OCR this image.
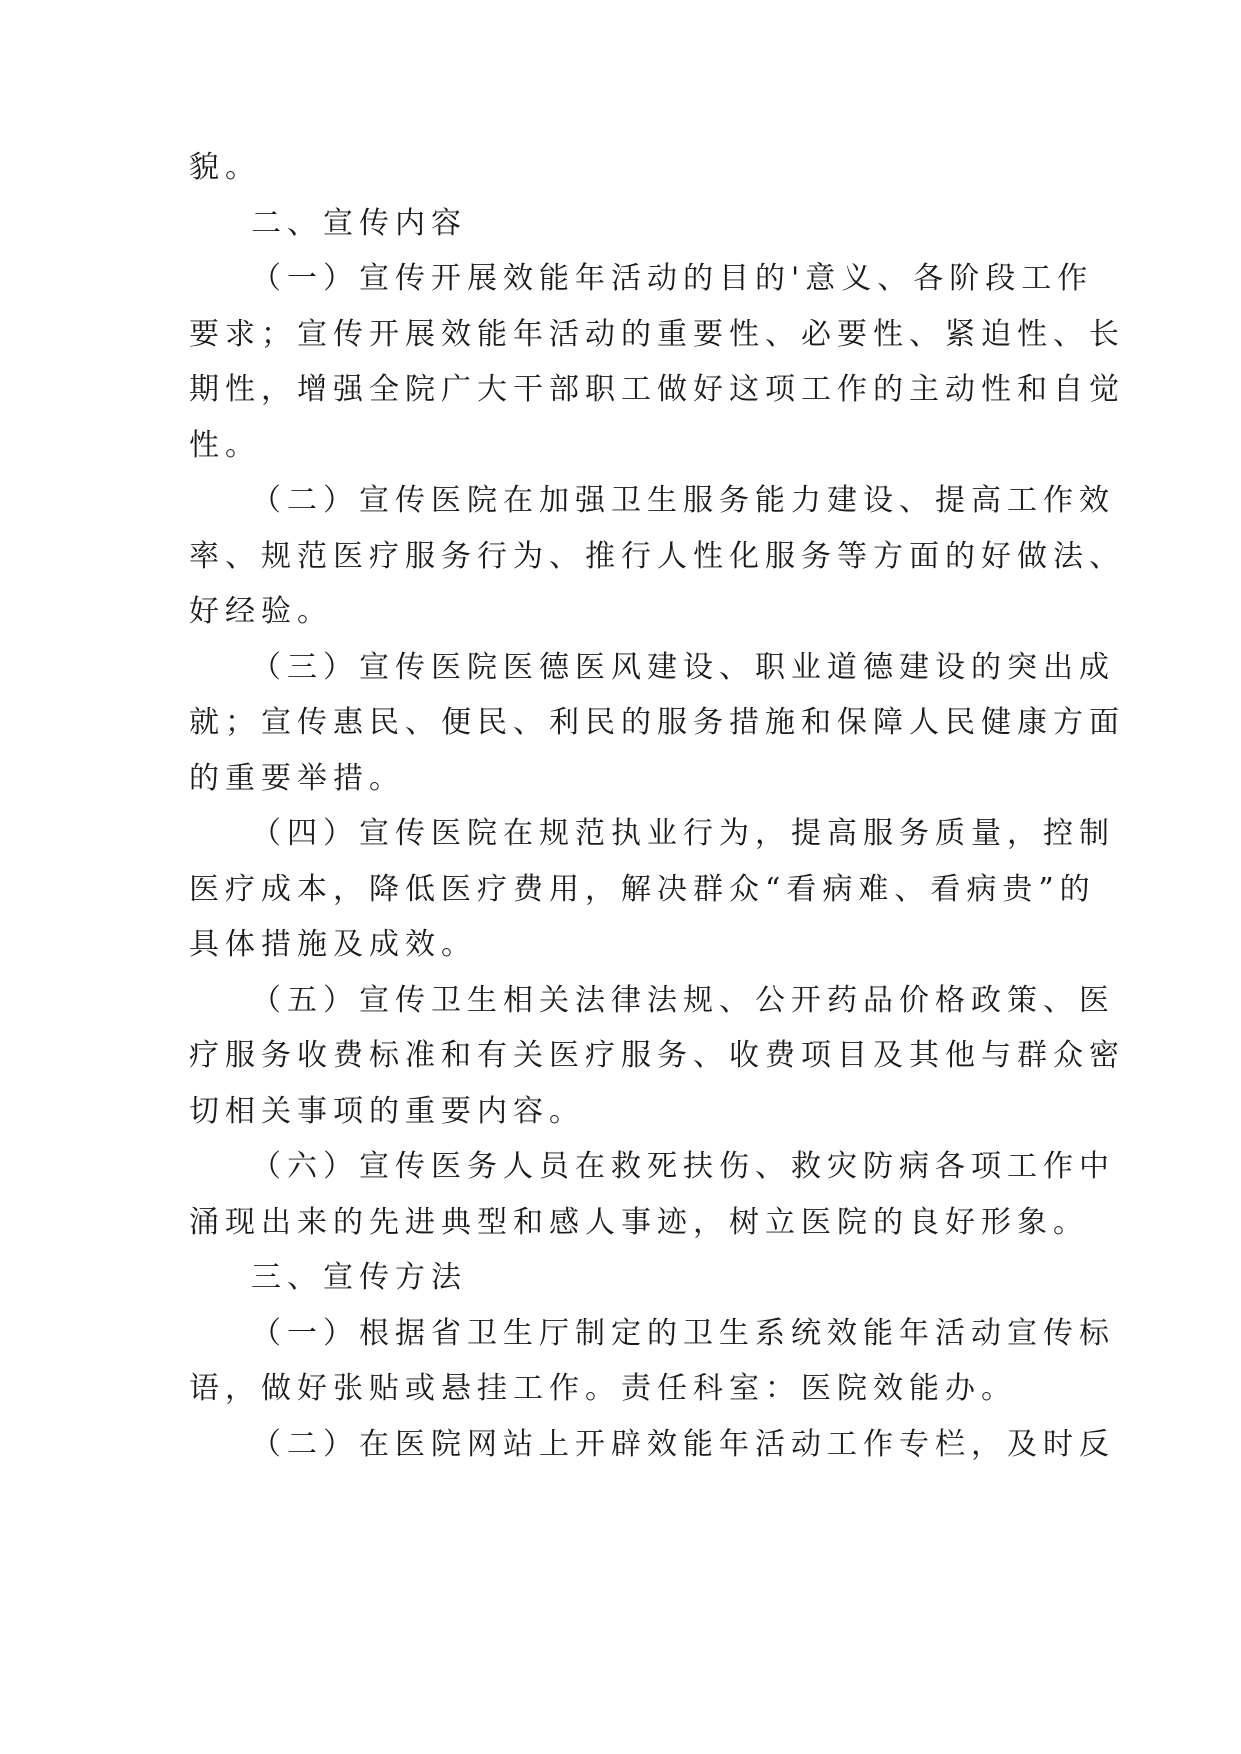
貌。
二、宣传内容
（一）宣传开展效能年活动的目的'意义、各阶段工作
要求；宣传开展效能年活动的重要性、必要性、紧迫性、长
期性，增强全院广大干部职工做好这项工作的主动性和自觉
性。
（二）宣传医院在加强卫生服务能力建设、提高工作效
率、规范医疗服务行为、推行人性化服务等方面的好做法、
好经验。
（三）宣传医院医德医风建设、职业道德建设的突出成
就；宣传惠民、便民、利民的服务措施和保障人民健康方面
的重要举措。
（四）宣传医院在规范执业行为，提高服务质量，控制
医疗成本，降低医疗费用，解决群众“看病难、看病贵”的
具体措施及成效。
（五）宣传卫生相关法律法规、公开药品价格政策、医
疗服务收费标准和有关医疗服务、收费项目及其他与群众密
切相关事项的重要内容。
（六）宣传医务人员在救死扶伤、救灾防病各项工作中
涌现出来的先进典型和感人事迹，树立医院的良好形象。
三、宣传方法
（一）根据省卫生厅制定的卫生系统效能年活动宣传标
语，做好张贴或悬挂工作。责任科室：医院效能办。
（二）在医院网站上开辟效能年活动工作专栏，及时反
